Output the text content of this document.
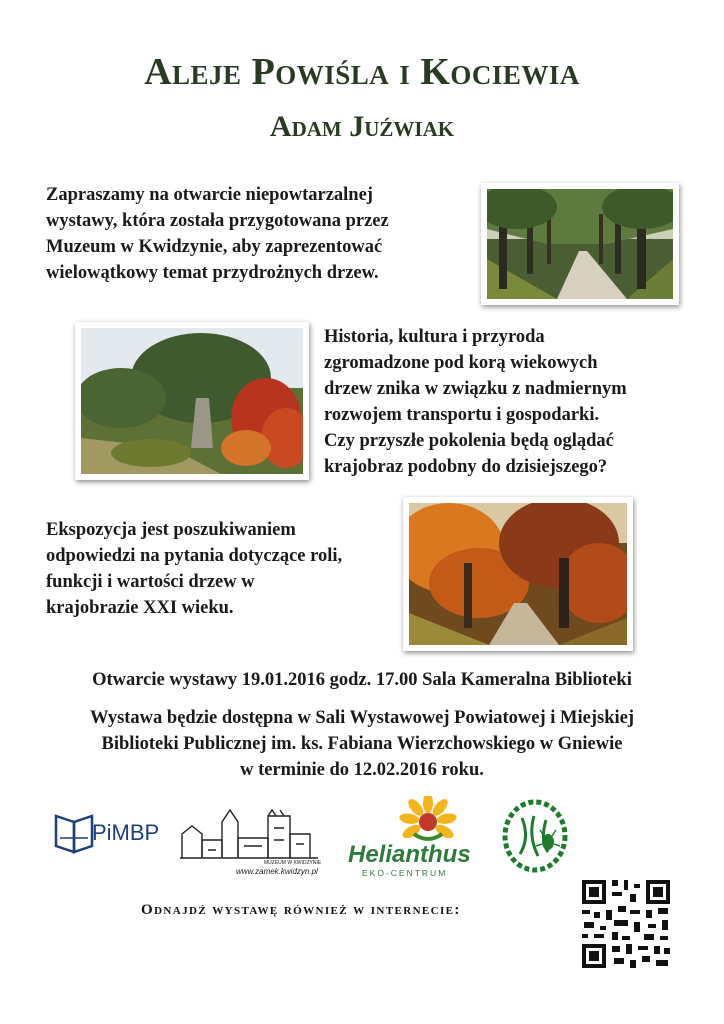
Aleje Powiśla i Kociewia
Adam Juźwiak
Zapraszamy na otwarcie niepowtarzalnej
wystawy, która została przygotowana przez
Muzeum w Kwidzynie, aby zaprezentować
wielowątkowy temat przydrożnych drzew.
Historia, kultura i przyroda
zgromadzone pod korą wiekowych
drzew znika w związku z nadmiernym
rozwojem transportu i gospodarki.
Czy przyszłe pokolenia będą oglądać
krajobraz podobny do dzisiejszego?
Ekspozycja jest poszukiwaniem
odpowiedzi na pytania dotyczące roli,
funkcji i wartości drzew w
krajobrazie XXI wieku.
Otwarcie wystawy 19.01.2016 godz. 17.00 Sala Kameralna Biblioteki
Wystawa będzie dostępna w Sali Wystawowej Powiatowej i Miejskiej
Biblioteki Publicznej im. ks. Fabiana Wierzchowskiego w Gniewie
w terminie do 12.02.2016 roku.
PiMBP
MUZEUM W KWIDZYNIE
www.zamek.kwidzyn.pl
Helianthus
EKO-CENTRUM
Odnajdź wystawę również w internecie:
